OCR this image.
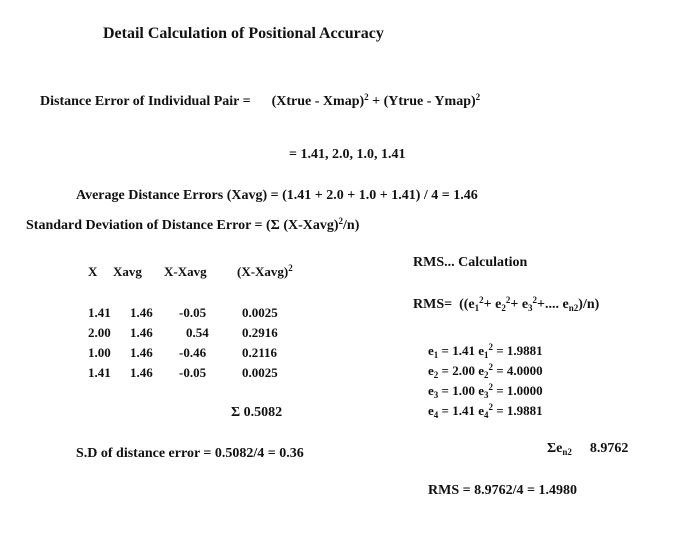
Detail Calculation of Positional Accuracy
Distance Error of Individual Pair = (Xtrue - Xmap)$^2$ + (Ytrue - Ymap)$^2$
= 1.41, 2.0, 1.0, 1.41
Average Distance Errors (Xavg) = (1.41 + 2.0 + 1.0 + 1.41) / 4 = 1.46
Standard Deviation of Distance Error = (Σ (X-Xavg)$^2$/n)
X Xavg X-Xavg (X-Xavg)$^2$
1.41 1.46 -0.05	0.0025
2.00 1.46	0.54	0.2916
1.00 1.46 -0.46	0.2116
1.41 1.46 -0.05	0.0025
Σ 0.5082
S.D of distance error = 0.5082/4 = 0.36
RMS... Calculation
$RMS= ((e_1^2+ e_2^2+ e_3^2+$.... $e_{n2})/n$)
$e_1 = 1.41$ $e_1^2 = 1.9881$
$e_2 = 2.00$ $e_2^2 = 4.0000$
$e_3 = 1.00$ $e_3^2 = 1.0000$
$e_4 = 1.41$ $e_4^2 = 1.9881$
$\Sigma e_{n2}$ 8.9762
RMS = 8.9762/4 = 1.4980
